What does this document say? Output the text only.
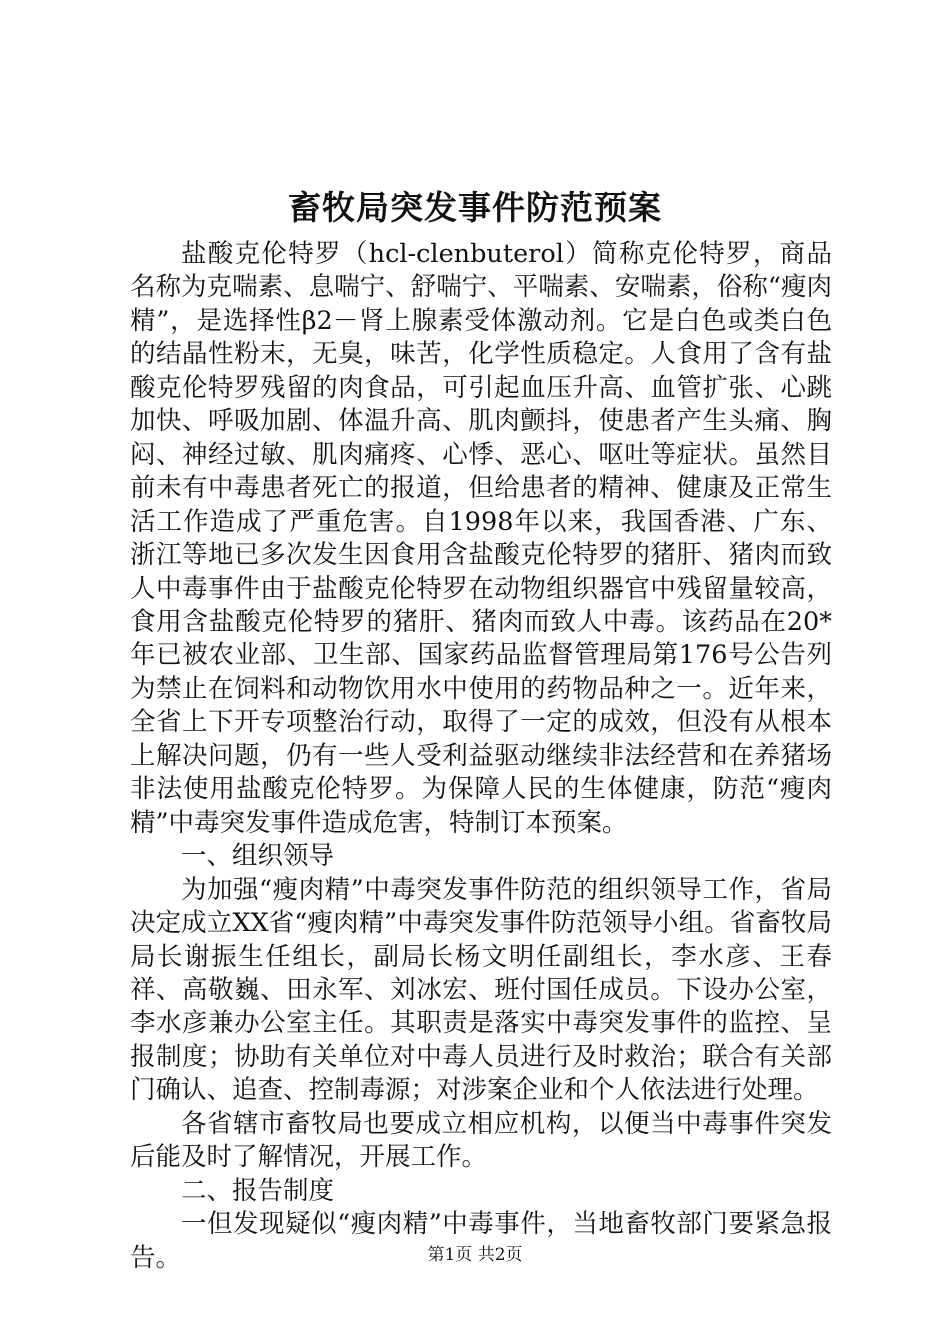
畜牧局突发事件防范预案

盐酸克伦特罗（hcl-clenbuterol）简称克伦特罗，商品名称为克喘素、息喘宁、舒喘宁、平喘素、安喘素，俗称“瘦肉精”，是选择性β2－肾上腺素受体激动剂。它是白色或类白色的结晶性粉末，无臭，味苦，化学性质稳定。人食用了含有盐酸克伦特罗残留的肉食品，可引起血压升高、血管扩张、心跳加快、呼吸加剧、体温升高、肌肉颤抖，使患者产生头痛、胸闷、神经过敏、肌肉痛疼、心悸、恶心、呕吐等症状。虽然目前未有中毒患者死亡的报道，但给患者的精神、健康及正常生活工作造成了严重危害。自1998年以来，我国香港、广东、浙江等地已多次发生因食用含盐酸克伦特罗的猪肝、猪肉而致人中毒事件由于盐酸克伦特罗在动物组织器官中残留量较高，食用含盐酸克伦特罗的猪肝、猪肉而致人中毒。该药品在20*年已被农业部、卫生部、国家药品监督管理局第176号公告列为禁止在饲料和动物饮用水中使用的药物品种之一。近年来，全省上下开专项整治行动，取得了一定的成效，但没有从根本上解决问题，仍有一些人受利益驱动继续非法经营和在养猪场非法使用盐酸克伦特罗。为保障人民的生体健康，防范“瘦肉精”中毒突发事件造成危害，特制订本预案。

一、组织领导

为加强“瘦肉精”中毒突发事件防范的组织领导工作，省局决定成立XX省“瘦肉精”中毒突发事件防范领导小组。省畜牧局局长谢振生任组长，副局长杨文明任副组长，李水彦、王春祥、高敬巍、田永军、刘冰宏、班付国任成员。下设办公室，李水彦兼办公室主任。其职责是落实中毒突发事件的监控、呈报制度；协助有关单位对中毒人员进行及时救治；联合有关部门确认、追查、控制毒源；对涉案企业和个人依法进行处理。

各省辖市畜牧局也要成立相应机构，以便当中毒事件突发后能及时了解情况，开展工作。

二、报告制度

一但发现疑似“瘦肉精”中毒事件，当地畜牧部门要紧急报告。	第1页 共2页
